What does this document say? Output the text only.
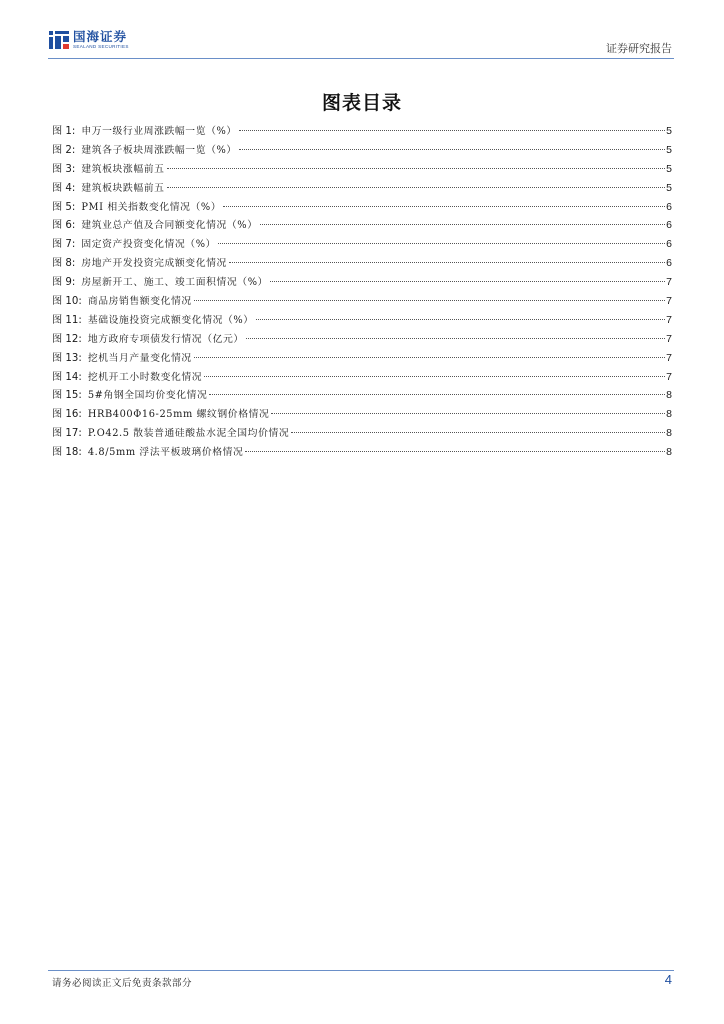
国海证券
SEALAND SECURITIES	证券研究报告
图表目录
图 1: 申万一级行业周涨跌幅一览（%）	5
图 2: 建筑各子板块周涨跌幅一览（%）	5
图 3: 建筑板块涨幅前五	5
图 4: 建筑板块跌幅前五	5
图 5: PMI 相关指数变化情况（%）	6
图 6: 建筑业总产值及合同额变化情况（%）	6
图 7: 固定资产投资变化情况（%）	6
图 8: 房地产开发投资完成额变化情况	6
图 9: 房屋新开工、施工、竣工面积情况（%）	7
图 10: 商品房销售额变化情况	7
图 11: 基础设施投资完成额变化情况（%）	7
图 12: 地方政府专项债发行情况（亿元）	7
图 13: 挖机当月产量变化情况	7
图 14: 挖机开工小时数变化情况	7
图 15: 5#角钢全国均价变化情况	8
图 16: HRB400Φ16-25mm 螺纹钢价格情况	8
图 17: P.O42.5 散装普通硅酸盐水泥全国均价情况	8
图 18: 4.8/5mm 浮法平板玻璃价格情况	8
请务必阅读正文后免责条款部分	4
